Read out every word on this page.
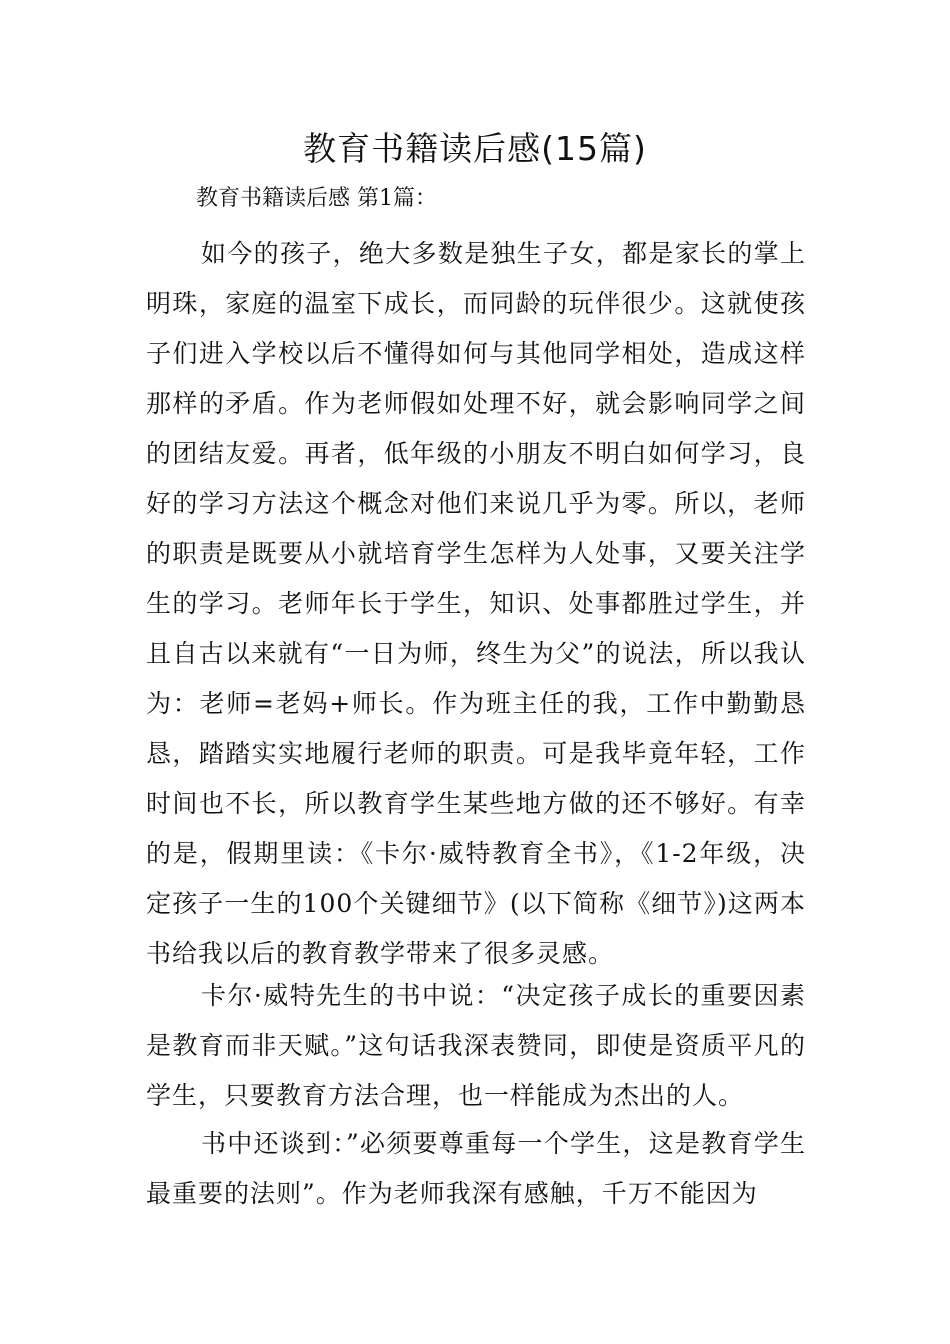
教育书籍读后感(15篇)

教育书籍读后感 第1篇：

如今的孩子，绝大多数是独生子女，都是家长的掌上明珠，家庭的温室下成长，而同龄的玩伴很少。这就使孩子们进入学校以后不懂得如何与其他同学相处，造成这样那样的矛盾。作为老师假如处理不好，就会影响同学之间的团结友爱。再者，低年级的小朋友不明白如何学习，良好的学习方法这个概念对他们来说几乎为零。所以，老师的职责是既要从小就培育学生怎样为人处事，又要关注学生的学习。老师年长于学生，知识、处事都胜过学生，并且自古以来就有“一日为师，终生为父”的说法，所以我认为：老师=老妈+师长。作为班主任的我，工作中勤勤恳恳，踏踏实实地履行老师的职责。可是我毕竟年轻，工作时间也不长，所以教育学生某些地方做的还不够好。有幸的是，假期里读：《卡尔·威特教育全书》，《1-2年级，决定孩子一生的100个关键细节》(以下简称《细节》)这两本书给我以后的教育教学带来了很多灵感。

卡尔·威特先生的书中说：“决定孩子成长的重要因素是教育而非天赋。”这句话我深表赞同，即使是资质平凡的学生，只要教育方法合理，也一样能成为杰出的人。

书中还谈到：”必须要尊重每一个学生，这是教育学生最重要的法则”。作为老师我深有感触，千万不能因为
